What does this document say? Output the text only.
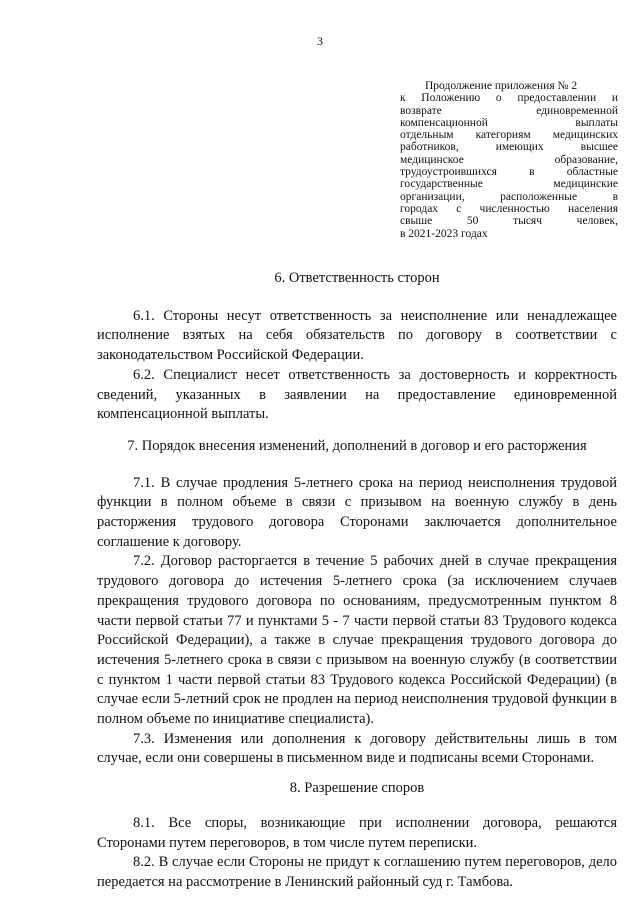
3
Продолжение приложения № 2
к Положению о предоставлении и
возврате единовременной
компенсационной выплаты
отдельным категориям медицинских
работников, имеющих высшее
медицинское образование,
трудоустроившихся в областные
государственные медицинские
организации, расположенные в
городах с численностью населения
свыше 50 тысяч человек,
в 2021-2023 годах
6. Ответственность сторон

6.1. Стороны несут ответственность за неисполнение или ненадлежащее исполнение взятых на себя обязательств по договору в соответствии с законодательством Российской Федерации.

6.2. Специалист несет ответственность за достоверность и корректность сведений, указанных в заявлении на предоставление единовременной компенсационной выплаты.

7. Порядок внесения изменений, дополнений в договор и его расторжения

7.1. В случае продления 5-летнего срока на период неисполнения трудовой функции в полном объеме в связи с призывом на военную службу в день расторжения трудового договора Сторонами заключается дополнительное соглашение к договору.

7.2. Договор расторгается в течение 5 рабочих дней в случае прекращения трудового договора до истечения 5-летнего срока (за исключением случаев прекращения трудового договора по основаниям, предусмотренным пунктом 8 части первой статьи 77 и пунктами 5 - 7 части первой статьи 83 Трудового кодекса Российской Федерации), а также в случае прекращения трудового договора до истечения 5-летнего срока в связи с призывом на военную службу (в соответствии с пунктом 1 части первой статьи 83 Трудового кодекса Российской Федерации) (в случае если 5-летний срок не продлен на период неисполнения трудовой функции в полном объеме по инициативе специалиста).

7.3. Изменения или дополнения к договору действительны лишь в том случае, если они совершены в письменном виде и подписаны всеми Сторонами.

8. Разрешение споров

8.1. Все споры, возникающие при исполнении договора, решаются Сторонами путем переговоров, в том числе путем переписки.

8.2. В случае если Стороны не придут к соглашению путем переговоров, дело передается на рассмотрение в Ленинский районный суд г. Тамбова.
